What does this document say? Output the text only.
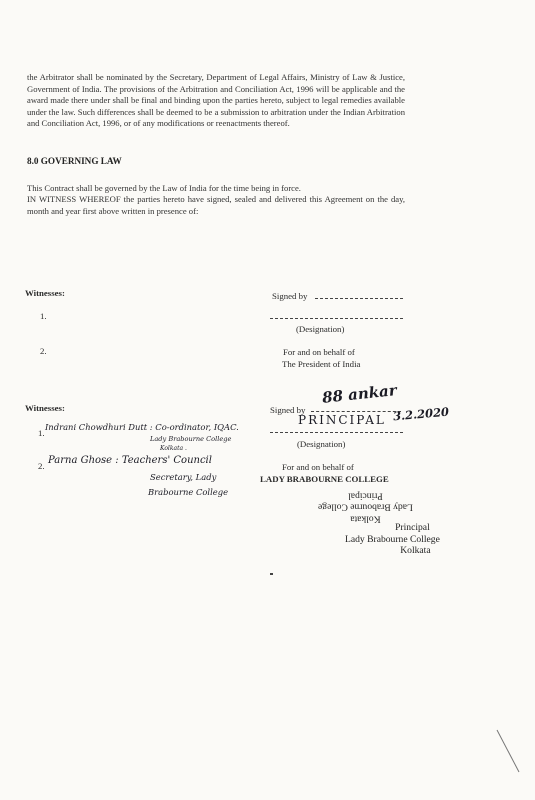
the Arbitrator shall be nominated by the Secretary, Department of Legal Affairs, Ministry of Law & Justice, Government of India. The provisions of the Arbitration and Conciliation Act, 1996 will be applicable and the award made there under shall be final and binding upon the parties hereto, subject to legal remedies available under the law. Such differences shall be deemed to be a submission to arbitration under the Indian Arbitration and Conciliation Act, 1996, or of any modifications or reenactments thereof.
8.0 GOVERNING LAW
This Contract shall be governed by the Law of India for the time being in force.
IN WITNESS WHEREOF the parties hereto have signed, sealed and delivered this Agreement on the day, month and year first above written in presence of:
Witnesses:
1.
2.
Signed by
(Designation)
For and on behalf of
The President of India
Witnesses:
1.
Indrani Chowdhuri Dutt : Co-ordinator, IQAC.
Lady Brabourne College
Kolkata .
2. Parna Ghose : Teachers' Council
Secretary, Lady
Brabourne College
88 ankar
Signed by
PRINCIPAL 3.2.2020
(Designation)
For and on behalf of
LADY BRABOURNE COLLEGE
Kolkata
Lady Brabourne College
Principal
Principal
Lady Brabourne College
Kolkata
